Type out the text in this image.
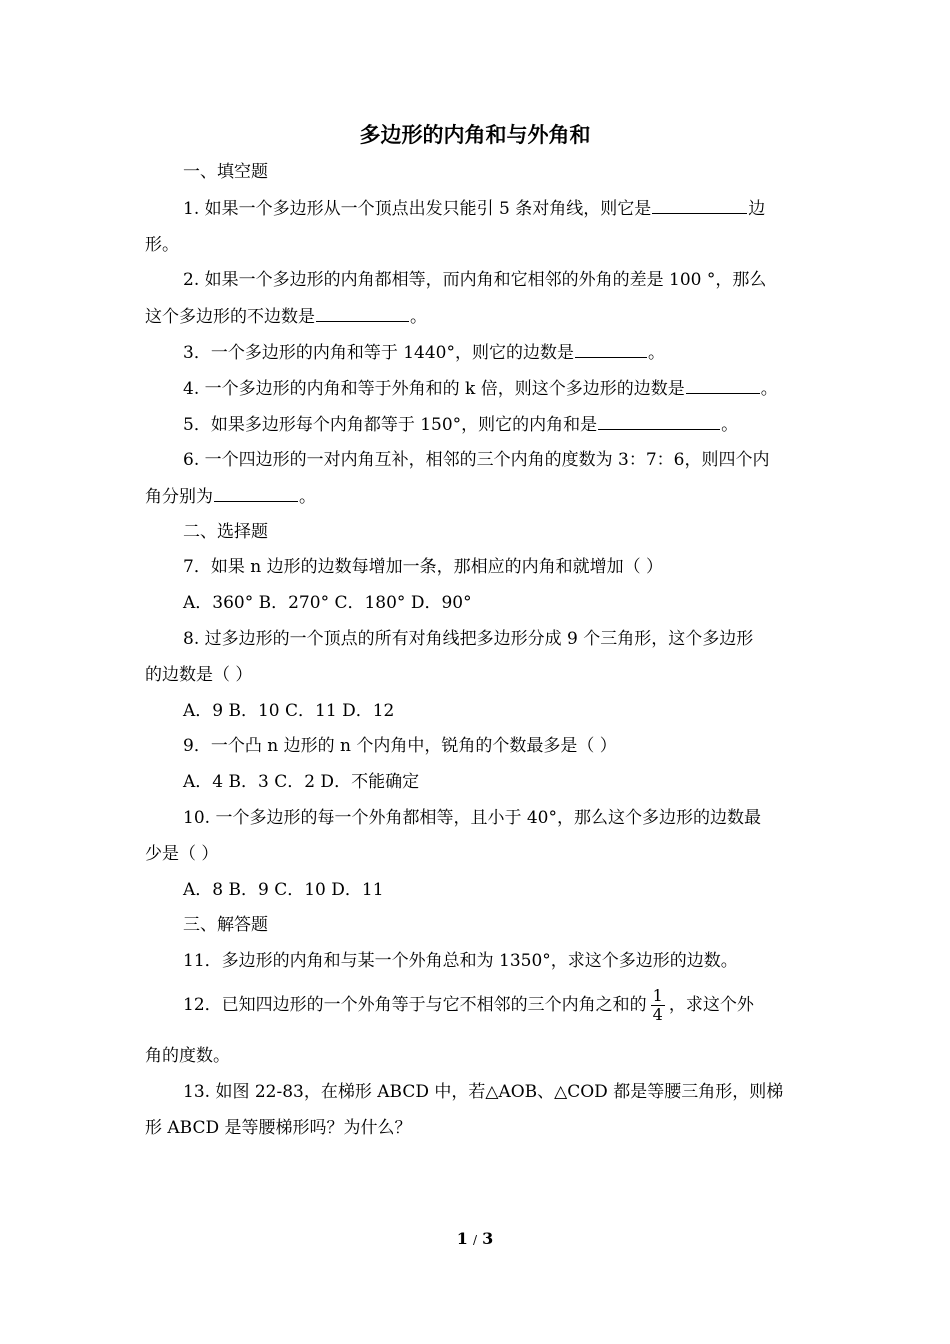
多边形的内角和与外角和
一、填空题
1. 如果一个多边形从一个顶点出发只能引 5 条对角线，则它是	边
形。
2. 如果一个多边形的内角都相等，而内角和它相邻的外角的差是 100 °，那么
这个多边形的不边数是	。
3．一个多边形的内角和等于 1440°，则它的边数是	。
4. 一个多边形的内角和等于外角和的 k 倍，则这个多边形的边数是	。
5．如果多边形每个内角都等于 150°，则它的内角和是	。
6. 一个四边形的一对内角互补，相邻的三个内角的度数为 3：7：6，则四个内
角分别为	。
二、选择题
7．如果 n 边形的边数每增加一条，那相应的内角和就增加（ ）
A．360° B．270° C．180° D．90°
8. 过多边形的一个顶点的所有对角线把多边形分成 9 个三角形，这个多边形
的边数是（ ）
A．9 B．10 C．11 D．12
9．一个凸 n 边形的 n 个内角中，锐角的个数最多是（ ）
A．4 B．3 C．2 D．不能确定
10. 一个多边形的每一个外角都相等，且小于 40°，那么这个多边形的边数最
少是（ ）
A．8 B．9 C．10 D．11
三、解答题
11．多边形的内角和与某一个外角总和为 1350°，求这个多边形的边数。
12．已知四边形的一个外角等于与它不相邻的三个内角之和的 $\frac{1}{4}$ ，求这个外
角的度数。
13. 如图 22-83，在梯形 ABCD 中，若△AOB、△COD 都是等腰三角形，则梯
形 ABCD 是等腰梯形吗？为什么？
1 / 3
